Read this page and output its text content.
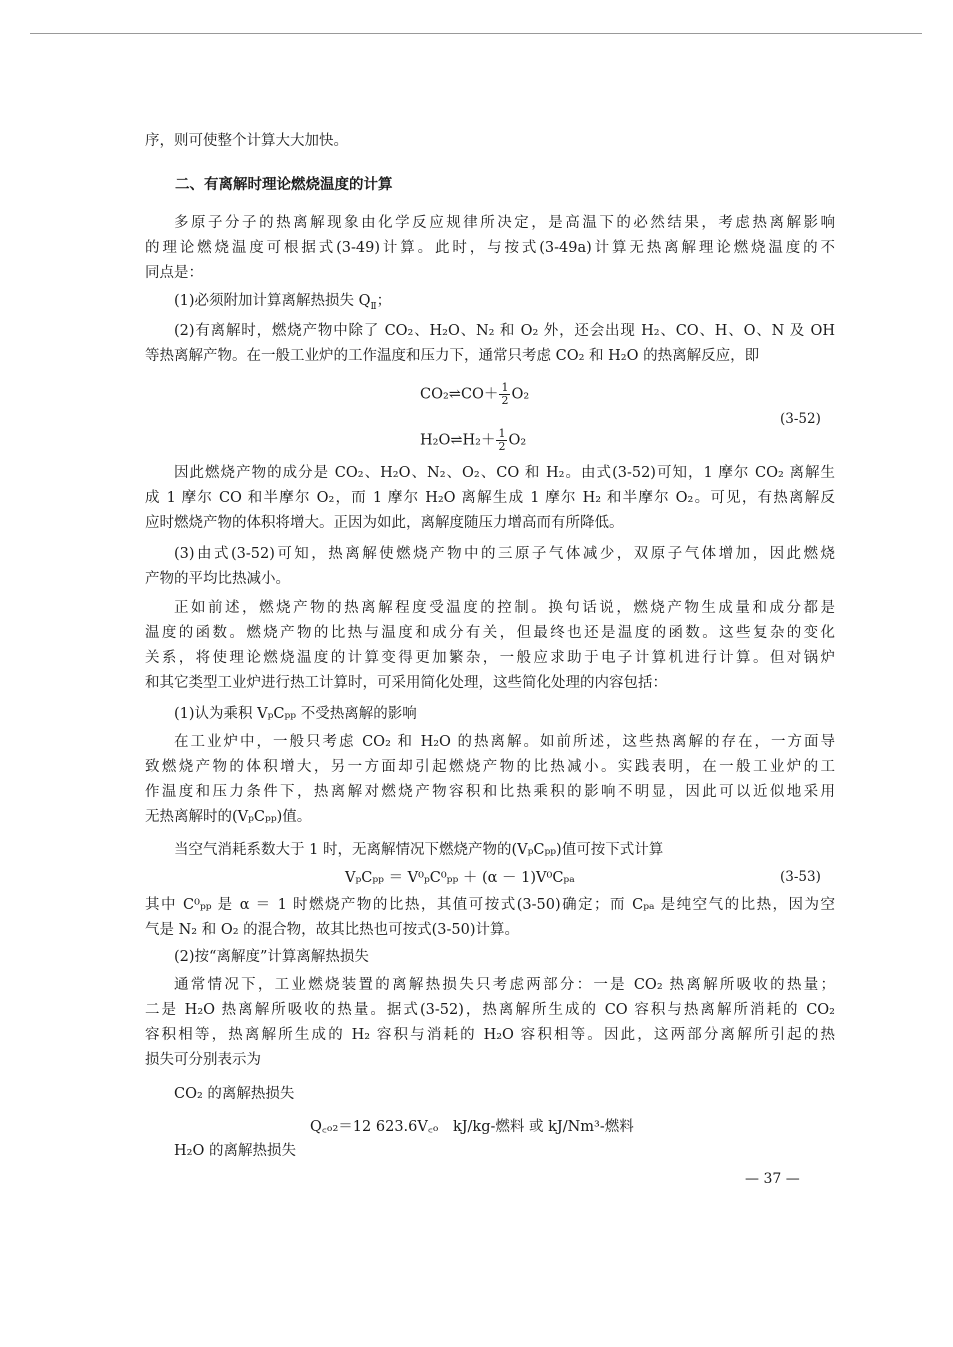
序，则可使整个计算大大加快。

二、有离解时理论燃烧温度的计算

多原子分子的热离解现象由化学反应规律所决定，是高温下的必然结果，考虑热离解影响
的理论燃烧温度可根据式(3-49)计算。此时，与按式(3-49a)计算无热离解理论燃烧温度的不
同点是：
(1)必须附加计算离解热损失 $Q_Ⅱ$；
(2)有离解时，燃烧产物中除了 CO₂、H₂O、N₂ 和 O₂ 外，还会出现 H₂、CO、H、O、N 及 OH
等热离解产物。在一般工业炉的工作温度和压力下，通常只考虑 CO₂ 和 H₂O 的热离解反应，即
CO₂⇌CO＋ $\frac{1}{2} O_2$
(3-52)
H₂O⇌H₂＋ $\frac{1}{2} O_2$
因此燃烧产物的成分是 CO₂、H₂O、N₂、O₂、CO 和 H₂。由式(3-52)可知，1 摩尔 CO₂ 离解生
成 1 摩尔 CO 和半摩尔 O₂，而 1 摩尔 H₂O 离解生成 1 摩尔 H₂ 和半摩尔 O₂。可见，有热离解反
应时燃烧产物的体积将增大。正因为如此，离解度随压力增高而有所降低。
(3)由式(3-52)可知，热离解使燃烧产物中的三原子气体减少，双原子气体增加，因此燃烧
产物的平均比热减小。
正如前述，燃烧产物的热离解程度受温度的控制。换句话说，燃烧产物生成量和成分都是
温度的函数。燃烧产物的比热与温度和成分有关，但最终也还是温度的函数。这些复杂的变化
关系，将使理论燃烧温度的计算变得更加繁杂，一般应求助于电子计算机进行计算。但对锅炉
和其它类型工业炉进行热工计算时，可采用简化处理，这些简化处理的内容包括：
(1)认为乘积 VₚCₚₚ 不受热离解的影响
在工业炉中，一般只考虑 CO₂ 和 H₂O 的热离解。如前所述，这些热离解的存在，一方面导
致燃烧产物的体积增大，另一方面却引起燃烧产物的比热减小。实践表明，在一般工业炉的工
作温度和压力条件下，热离解对燃烧产物容积和比热乘积的影响不明显，因此可以近似地采用
无热离解时的(VₚCₚₚ)值。
当空气消耗系数大于 1 时，无离解情况下燃烧产物的(VₚCₚₚ)值可按下式计算
VₚCₚₚ ＝ V⁰ₚC⁰ₚₚ ＋ (α － 1)V⁰Cₚₐ	(3-53)
其中 C⁰ₚₚ 是 α ＝ 1 时燃烧产物的比热，其值可按式(3-50)确定；而 Cₚₐ 是纯空气的比热，因为空
气是 N₂ 和 O₂ 的混合物，故其比热也可按式(3-50)计算。
(2)按“离解度”计算离解热损失
通常情况下，工业燃烧装置的离解热损失只考虑两部分：一是 CO₂ 热离解所吸收的热量；
二是 H₂O 热离解所吸收的热量。据式(3-52)，热离解所生成的 CO 容积与热离解所消耗的 CO₂
容积相等，热离解所生成的 H₂ 容积与消耗的 H₂O 容积相等。因此，这两部分离解所引起的热
损失可分别表示为
CO₂ 的离解热损失
Q꜀ₒ₂＝12 623.6V꜀ₒ　kJ/kg-燃料 或 kJ/Nm³-燃料
H₂O 的离解热损失
— 37 —
